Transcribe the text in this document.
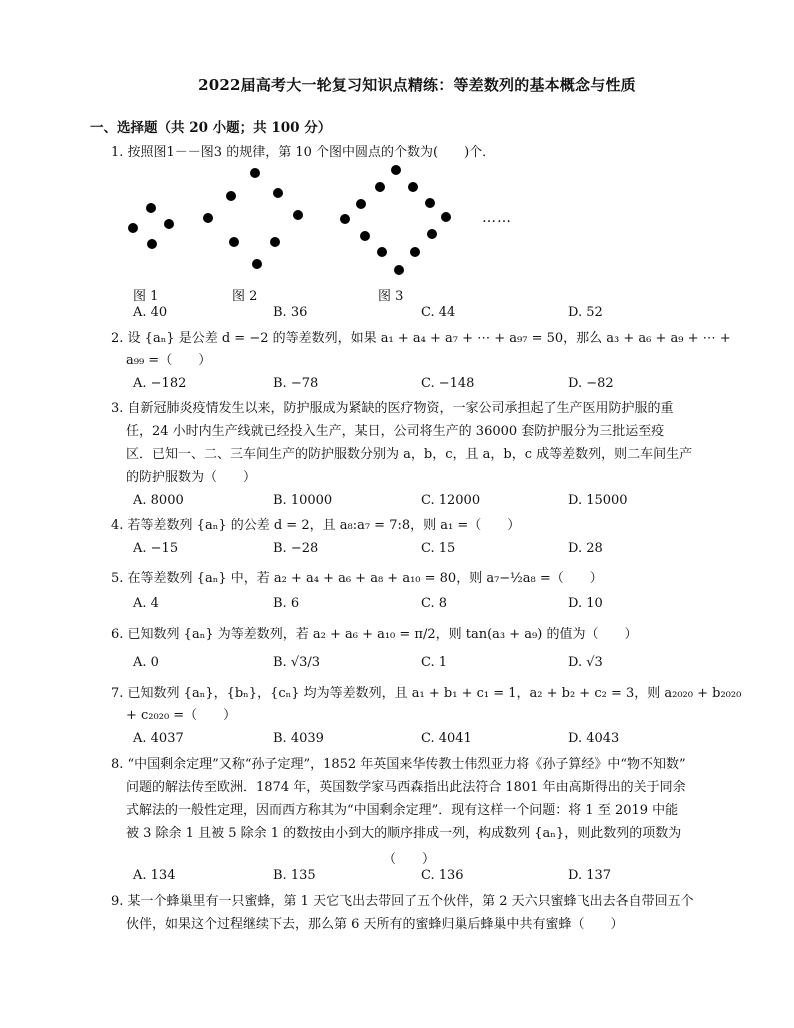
2022届高考大一轮复习知识点精练：等差数列的基本概念与性质
一、选择题（共 20 小题；共 100 分）
1. 按照图1－－图3 的规律，第 10 个图中圆点的个数为(　　)个．
……
图 1	图 2	图 3
A. 40	B. 36	C. 44	D. 52
2. 设 {aₙ} 是公差 d = −2 的等差数列，如果 a₁ + a₄ + a₇ + ⋯ + a₉₇ = 50，那么 a₃ + a₆ + a₉ + ⋯ +
a₉₉ =（　　）
A. −182	B. −78	C. −148	D. −82
3. 自新冠肺炎疫情发生以来，防护服成为紧缺的医疗物资，一家公司承担起了生产医用防护服的重
任，24 小时内生产线就已经投入生产，某日，公司将生产的 36000 套防护服分为三批运至疫
区．已知一、二、三车间生产的防护服数分别为 a，b，c，且 a，b，c 成等差数列，则二车间生产
的防护服数为（　　）
A. 8000	B. 10000	C. 12000	D. 15000
4. 若等差数列 {aₙ} 的公差 d = 2，且 a₈:a₇ = 7:8，则 a₁ =（　　）
A. −15	B. −28	C. 15	D. 28
5. 在等差数列 {aₙ} 中，若 a₂ + a₄ + a₆ + a₈ + a₁₀ = 80，则 a₇−½a₈ =（　　）
A. 4	B. 6	C. 8	D. 10
6. 已知数列 {aₙ} 为等差数列，若 a₂ + a₆ + a₁₀ = π/2，则 tan(a₃ + a₉) 的值为（　　）
A. 0	B. √3/3	C. 1	D. √3
7. 已知数列 {aₙ}，{bₙ}，{cₙ} 均为等差数列，且 a₁ + b₁ + c₁ = 1，a₂ + b₂ + c₂ = 3，则 a₂₀₂₀ + b₂₀₂₀
+ c₂₀₂₀ =（　　）
A. 4037	B. 4039	C. 4041	D. 4043
8. “中国剩余定理”又称“孙子定理”，1852 年英国来华传教士伟烈亚力将《孙子算经》中“物不知数”
问题的解法传至欧洲．1874 年，英国数学家马西森指出此法符合 1801 年由高斯得出的关于同余
式解法的一般性定理，因而西方称其为“中国剩余定理”．现有这样一个问题：将 1 至 2019 中能
被 3 除余 1 且被 5 除余 1 的数按由小到大的顺序排成一列，构成数列 {aₙ}，则此数列的项数为
（　　）
A. 134	B. 135	C. 136	D. 137
9. 某一个蜂巢里有一只蜜蜂，第 1 天它飞出去带回了五个伙伴，第 2 天六只蜜蜂飞出去各自带回五个
伙伴，如果这个过程继续下去，那么第 6 天所有的蜜蜂归巢后蜂巢中共有蜜蜂（　　）
